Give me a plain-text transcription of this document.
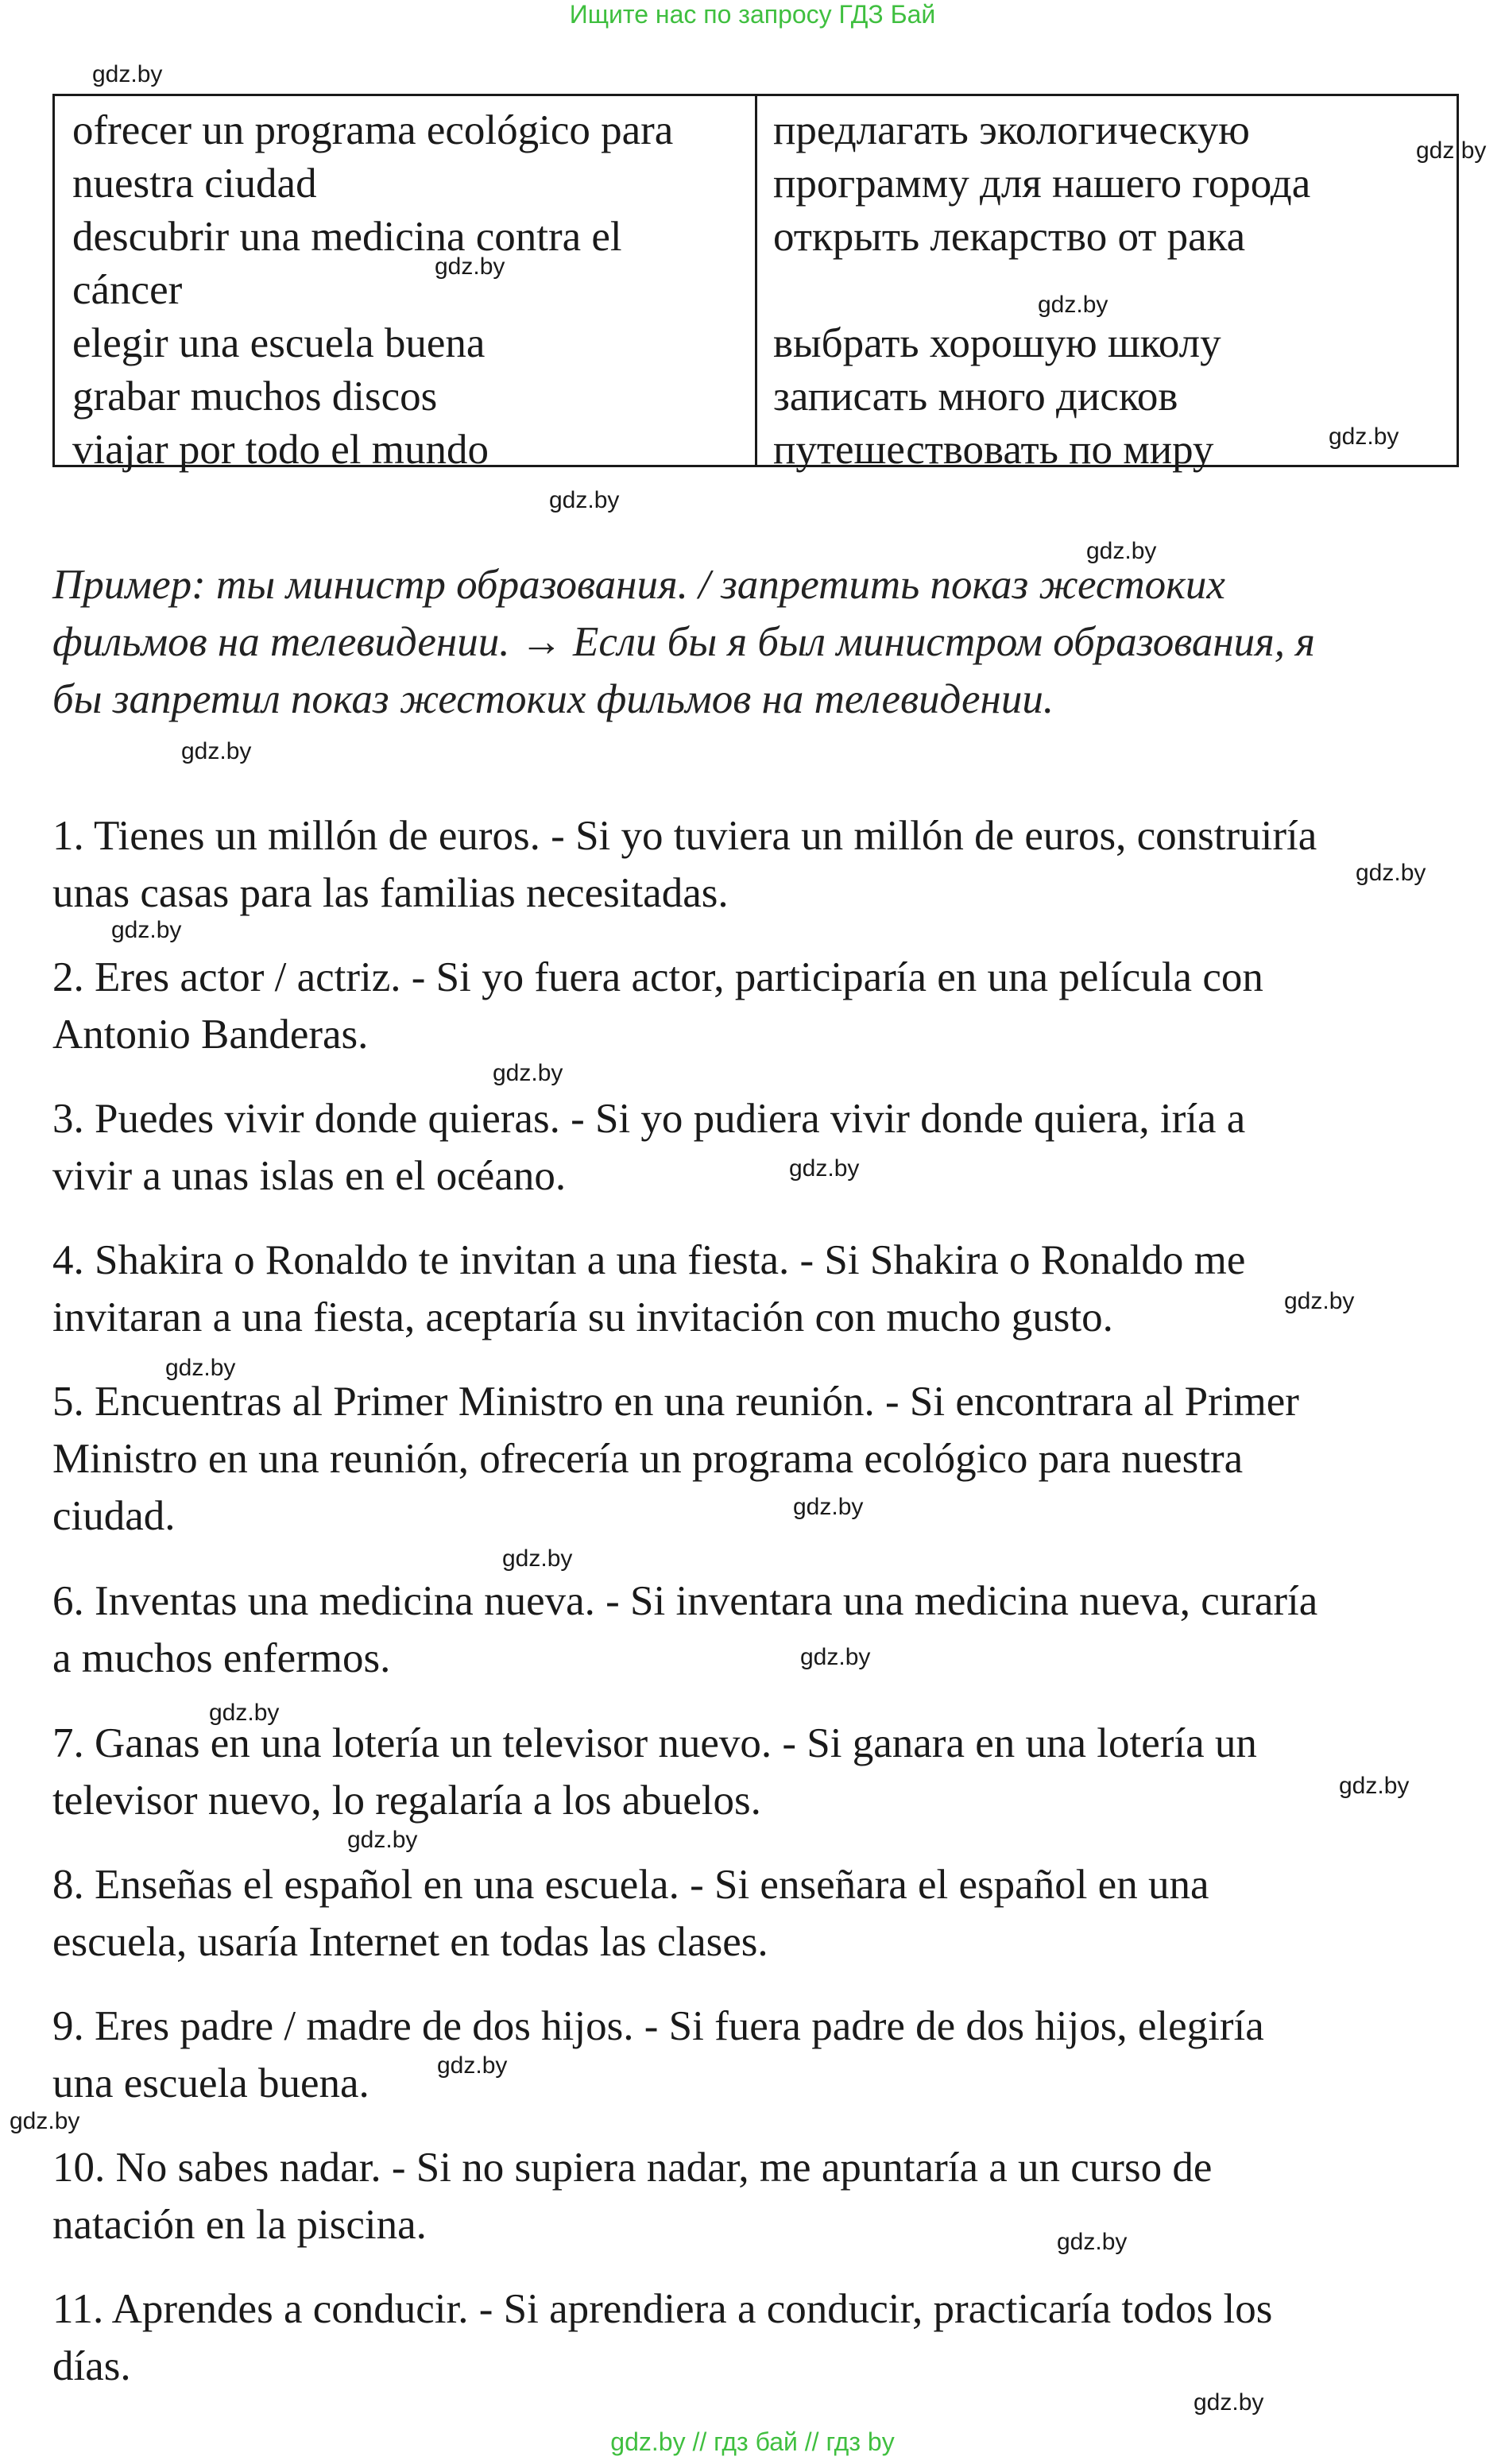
Ищите нас по запросу ГДЗ Бай
ofrecer un programa ecológico para
nuestra ciudad
descubrir una medicina contra el
cáncer
elegir una escuela buena
grabar muchos discos
viajar por todo el mundo
предлагать экологическую
программу для нашего города
открыть лекарство от рака
выбрать хорошую школу
записать много дисков
путешествовать по миру

Пример: ты министр образования. / запретить показ жестоких

фильмов на телевидении. → Если бы я был министром образования, я

бы запретил показ жестоких фильмов на телевидении.

1. Tienes un millón de euros. - Si yo tuviera un millón de euros, construiría

unas casas para las familias necesitadas.

2. Eres actor / actriz. - Si yo fuera actor, participaría en una película con

Antonio Banderas.

3. Puedes vivir donde quieras. - Si yo pudiera vivir donde quiera, iría a

vivir a unas islas en el océano.

4. Shakira o Ronaldo te invitan a una fiesta. - Si Shakira o Ronaldo me

invitaran a una fiesta, aceptaría su invitación con mucho gusto.

5. Encuentras al Primer Ministro en una reunión. - Si encontrara al Primer

Ministro en una reunión, ofrecería un programa ecológico para nuestra

ciudad.

6. Inventas una medicina nueva. - Si inventara una medicina nueva, curaría

a muchos enfermos.

7. Ganas en una lotería un televisor nuevo. - Si ganara en una lotería un

televisor nuevo, lo regalaría a los abuelos.

8. Enseñas el español en una escuela. - Si enseñara el español en una

escuela, usaría Internet en todas las clases.

9. Eres padre / madre de dos hijos. - Si fuera padre de dos hijos, elegiría

una escuela buena.

10. No sabes nadar. - Si no supiera nadar, me apuntaría a un curso de

natación en la piscina.

11. Aprendes a conducir. - Si aprendiera a conducir, practicaría todos los

días.

gdz.by
gdz.by
gdz.by
gdz.by
gdz.by
gdz.by
gdz.by
gdz.by
gdz.by
gdz.by
gdz.by
gdz.by
gdz.by
gdz.by
gdz.by
gdz.by
gdz.by
gdz.by
gdz.by
gdz.by
gdz.by
gdz.by
gdz.by
gdz.by
gdz.by // гдз бай // гдз by
